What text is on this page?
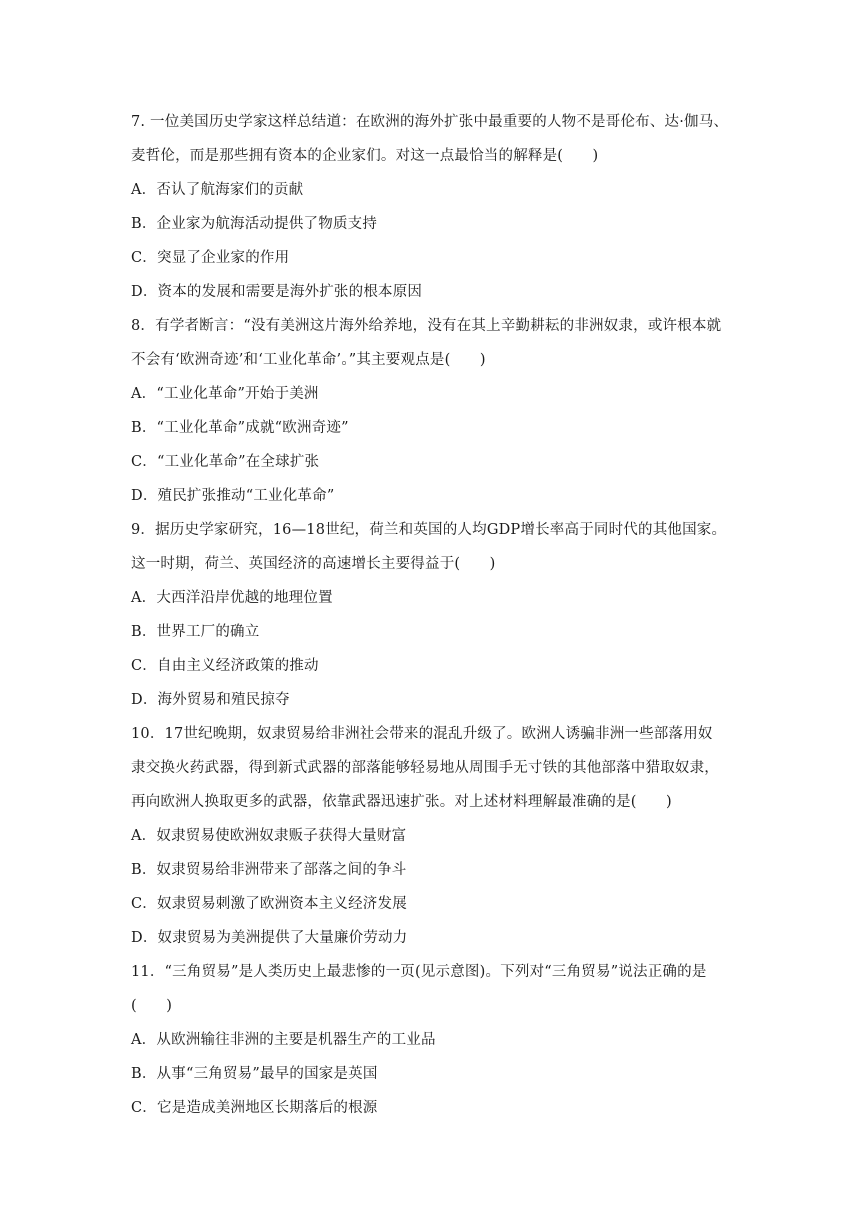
7. 一位美国历史学家这样总结道：在欧洲的海外扩张中最重要的人物不是哥伦布、达·伽马、
麦哲伦，而是那些拥有资本的企业家们。对这一点最恰当的解释是(　　)
A．否认了航海家们的贡献
B．企业家为航海活动提供了物质支持
C．突显了企业家的作用
D．资本的发展和需要是海外扩张的根本原因
8．有学者断言：“没有美洲这片海外给养地，没有在其上辛勤耕耘的非洲奴隶，或许根本就
不会有‘欧洲奇迹’和‘工业化革命’。”其主要观点是(　　)
A．“工业化革命”开始于美洲
B．“工业化革命”成就“欧洲奇迹”
C．“工业化革命”在全球扩张
D．殖民扩张推动“工业化革命”
9．据历史学家研究，16—18世纪，荷兰和英国的人均GDP增长率高于同时代的其他国家。
这一时期，荷兰、英国经济的高速增长主要得益于(　　)
A．大西洋沿岸优越的地理位置
B．世界工厂的确立
C．自由主义经济政策的推动
D．海外贸易和殖民掠夺
10．17世纪晚期，奴隶贸易给非洲社会带来的混乱升级了。欧洲人诱骗非洲一些部落用奴
隶交换火药武器，得到新式武器的部落能够轻易地从周围手无寸铁的其他部落中猎取奴隶，
再向欧洲人换取更多的武器，依靠武器迅速扩张。对上述材料理解最准确的是(　　)
A．奴隶贸易使欧洲奴隶贩子获得大量财富
B．奴隶贸易给非洲带来了部落之间的争斗
C．奴隶贸易刺激了欧洲资本主义经济发展
D．奴隶贸易为美洲提供了大量廉价劳动力
11．“三角贸易”是人类历史上最悲惨的一页(见示意图)。下列对“三角贸易”说法正确的是
(　　)
A．从欧洲输往非洲的主要是机器生产的工业品
B．从事“三角贸易”最早的国家是英国
C．它是造成美洲地区长期落后的根源
